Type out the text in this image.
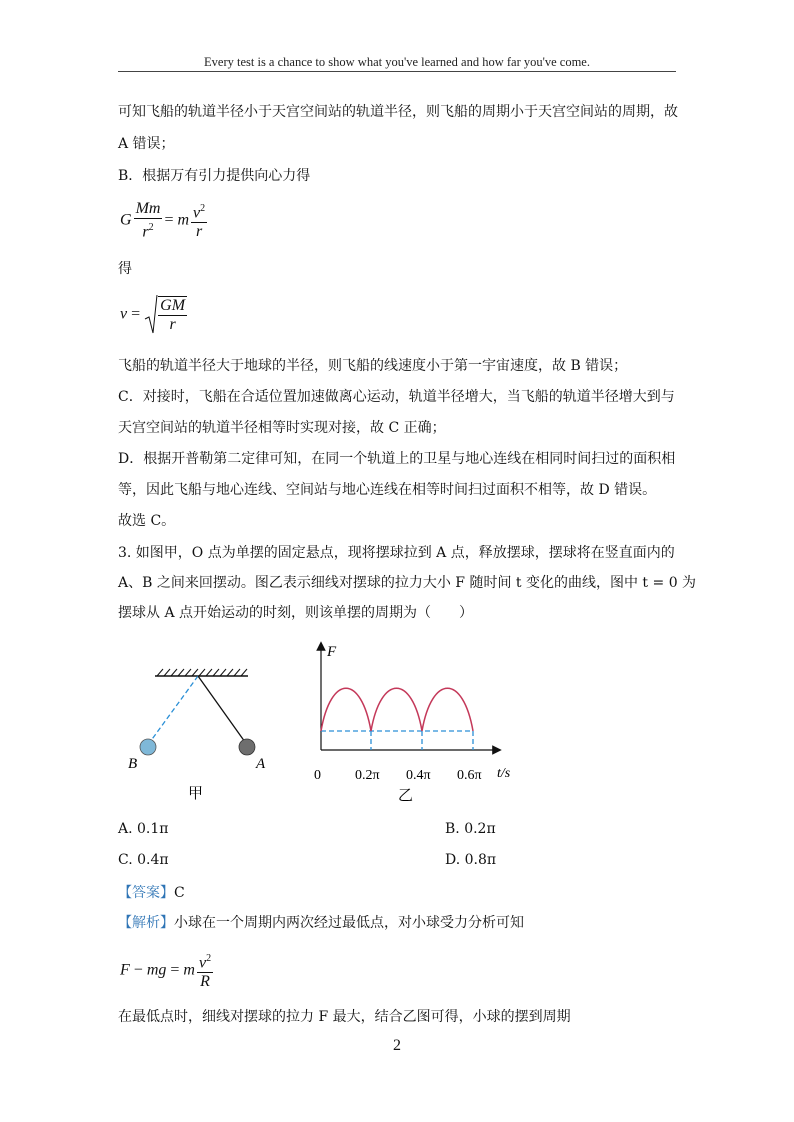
Every test is a chance to show what you've learned and how far you've come.
可知飞船的轨道半径小于天宫空间站的轨道半径，则飞船的周期小于天宫空间站的周期，故
A 错误；
B．根据万有引力提供向心力得
G $\frac{Mm}{r^2} = m \frac{v^2}{r}$
得
$v = \frac{GM}{r}$
飞船的轨道半径大于地球的半径，则飞船的线速度小于第一宇宙速度，故 B 错误；
C．对接时，飞船在合适位置加速做离心运动，轨道半径增大，当飞船的轨道半径增大到与
天宫空间站的轨道半径相等时实现对接，故 C 正确；
D．根据开普勒第二定律可知，在同一个轨道上的卫星与地心连线在相同时间扫过的面积相
等，因此飞船与地心连线、空间站与地心连线在相等时间扫过面积不相等，故 D 错误。
故选 C。
3. 如图甲，O 点为单摆的固定悬点，现将摆球拉到 A 点，释放摆球，摆球将在竖直面内的
A、B 之间来回摆动。图乙表示细线对摆球的拉力大小 F 随时间 t 变化的曲线，图中 t = 0 为
摆球从 A 点开始运动的时刻，则该单摆的周期为（　　）
B	A
甲
F
t/s
0 0.2π 0.4π 0.6π
乙
A. 0.1π	B. 0.2π
C. 0.4π	D. 0.8π
【答案】C
【解析】小球在一个周期内两次经过最低点，对小球受力分析可知
F − mg = m $\frac{v^2}{R}$
在最低点时，细线对摆球的拉力 F 最大，结合乙图可得，小球的摆到周期
2
